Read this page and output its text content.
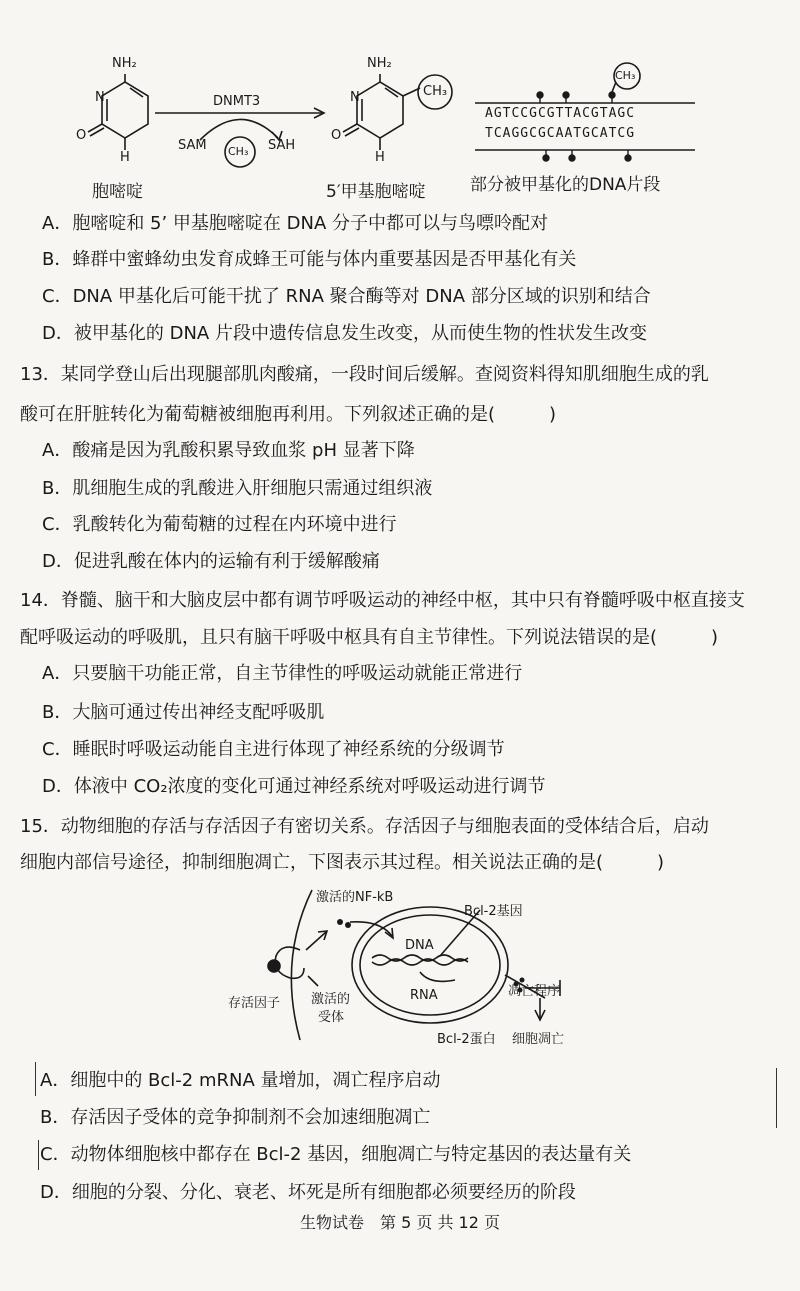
NH₂
O
N
H
DNMT3
SAM	SAH
CH₃
NH₂
O
N
H
CH₃
CH₃
AGTCCGCGTTACGTAGC
TCAGGCGCAATGCATCG
胞嘧啶	5′甲基胞嘧啶	部分被甲基化的DNA片段
A．胞嘧啶和 5’ 甲基胞嘧啶在 DNA 分子中都可以与鸟嘌呤配对
B．蜂群中蜜蜂幼虫发育成蜂王可能与体内重要基因是否甲基化有关
C．DNA 甲基化后可能干扰了 RNA 聚合酶等对 DNA 部分区域的识别和结合
D．被甲基化的 DNA 片段中遗传信息发生改变，从而使生物的性状发生改变
13．某同学登山后出现腿部肌肉酸痛，一段时间后缓解。查阅资料得知肌细胞生成的乳
酸可在肝脏转化为葡萄糖被细胞再利用。下列叙述正确的是(　　　)
A．酸痛是因为乳酸积累导致血浆 pH 显著下降
B．肌细胞生成的乳酸进入肝细胞只需通过组织液
C．乳酸转化为葡萄糖的过程在内环境中进行
D．促进乳酸在体内的运输有利于缓解酸痛
14．脊髓、脑干和大脑皮层中都有调节呼吸运动的神经中枢，其中只有脊髓呼吸中枢直接支
配呼吸运动的呼吸肌，且只有脑干呼吸中枢具有自主节律性。下列说法错误的是(　　　)
A．只要脑干功能正常，自主节律性的呼吸运动就能正常进行
B．大脑可通过传出神经支配呼吸肌
C．睡眠时呼吸运动能自主进行体现了神经系统的分级调节
D．体液中 CO₂浓度的变化可通过神经系统对呼吸运动进行调节
15．动物细胞的存活与存活因子有密切关系。存活因子与细胞表面的受体结合后，启动
细胞内部信号途径，抑制细胞凋亡，下图表示其过程。相关说法正确的是(　　　)
激活的NF-kB
Bcl-2基因
DNA
RNA
存活因子 激活的
受体
凋亡程序
Bcl-2蛋白 细胞凋亡
A．细胞中的 Bcl-2 mRNA 量增加，凋亡程序启动
B．存活因子受体的竞争抑制剂不会加速细胞凋亡
C．动物体细胞核中都存在 Bcl-2 基因，细胞凋亡与特定基因的表达量有关
D．细胞的分裂、分化、衰老、坏死是所有细胞都必须要经历的阶段
生物试卷　第 5 页 共 12 页
